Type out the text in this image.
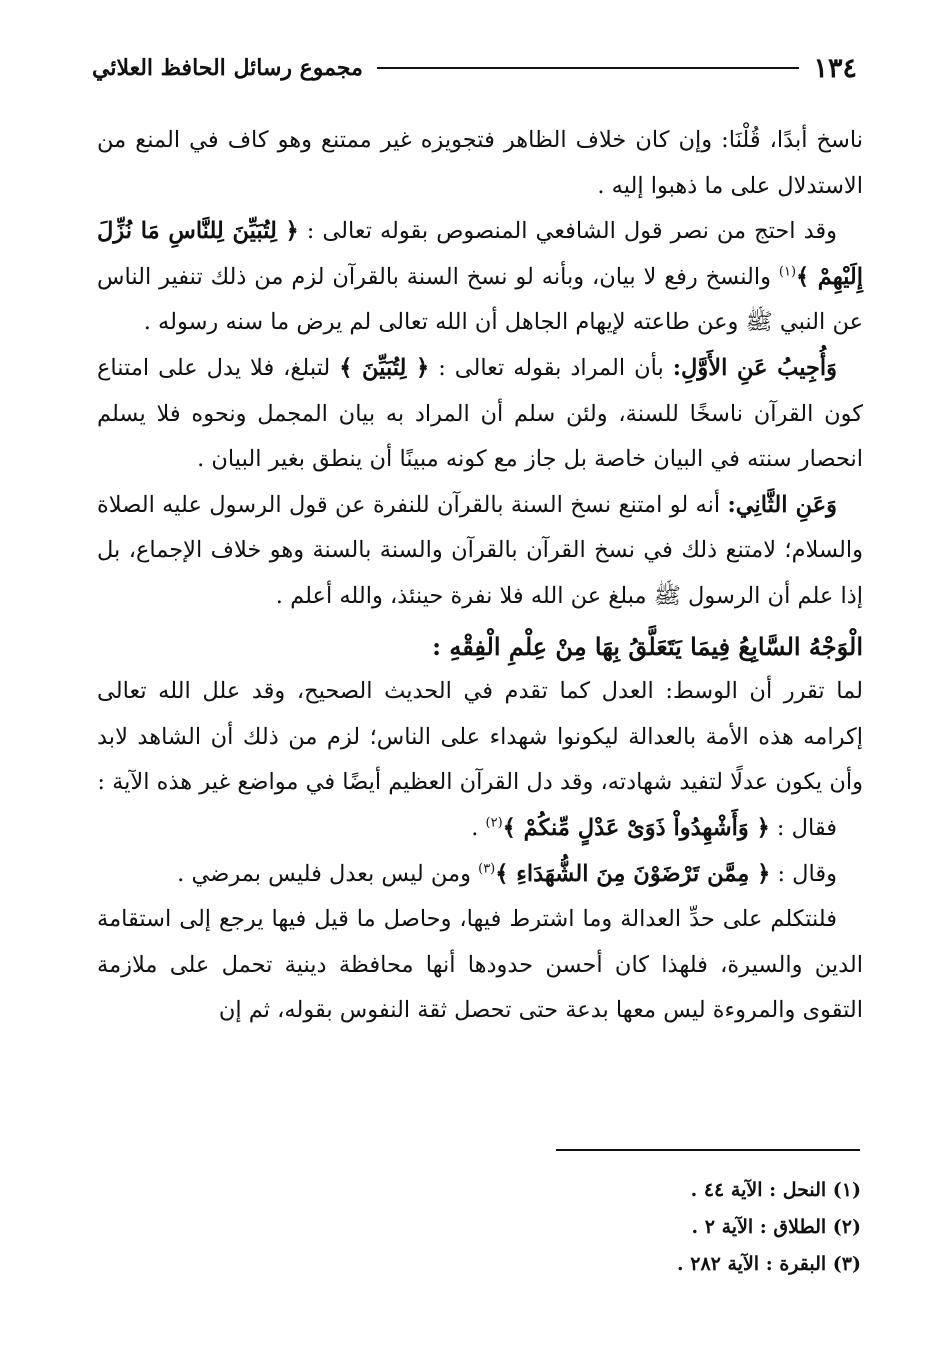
١٣٤
مجموع رسائل الحافظ العلائي

ناسخ أبدًا، قُلْنَا: وإن كان خلاف الظاهر فتجويزه غير ممتنع وهو كاف في المنع من الاستدلال على ما ذهبوا إليه .

وقد احتج من نصر قول الشافعي المنصوص بقوله تعالى : ﴿ لِتُبَيِّنَ لِلنَّاسِ مَا نُزِّلَ إِلَيْهِمْ ﴾$^{(١)}$ والنسخ رفع لا بيان، وبأنه لو نسخ السنة بالقرآن لزم من ذلك تنفير الناس عن النبي ﷺ وعن طاعته لإيهام الجاهل أن الله تعالى لم يرض ما سنه رسوله .

وَأُجِيبُ عَنِ الأَوَّلِ: بأن المراد بقوله تعالى : ﴿ لِتُبَيِّنَ ﴾ لتبلغ، فلا يدل على امتناع كون القرآن ناسخًا للسنة، ولئن سلم أن المراد به بيان المجمل ونحوه فلا يسلم انحصار سنته في البيان خاصة بل جاز مع كونه مبينًا أن ينطق بغير البيان .

وَعَنِ الثَّانِي: أنه لو امتنع نسخ السنة بالقرآن للنفرة عن قول الرسول عليه الصلاة والسلام؛ لامتنع ذلك في نسخ القرآن بالقرآن والسنة بالسنة وهو خلاف الإجماع، بل إذا علم أن الرسول ﷺ مبلغ عن الله فلا نفرة حينئذ، والله أعلم .

الْوَجْهُ السَّابِعُ فِيمَا يَتَعَلَّقُ بِهَا مِنْ عِلْمِ الْفِقْهِ :

لما تقرر أن الوسط: العدل كما تقدم في الحديث الصحيح، وقد علل الله تعالى إكرامه هذه الأمة بالعدالة ليكونوا شهداء على الناس؛ لزم من ذلك أن الشاهد لابد وأن يكون عدلًا لتفيد شهادته، وقد دل القرآن العظيم أيضًا في مواضع غير هذه الآية :

فقال : ﴿ وَأَشْهِدُواْ ذَوَىْ عَدْلٍ مِّنكُمْ ﴾$^{(٢)}$ .

وقال : ﴿ مِمَّن تَرْضَوْنَ مِنَ الشُّهَدَاءِ ﴾$^{(٣)}$ ومن ليس بعدل فليس بمرضي .

فلنتكلم على حدِّ العدالة وما اشترط فيها، وحاصل ما قيل فيها يرجع إلى استقامة الدين والسيرة، فلهذا كان أحسن حدودها أنها محافظة دينية تحمل على ملازمة التقوى والمروءة ليس معها بدعة حتى تحصل ثقة النفوس بقوله، ثم إن

(١) النحل : الآية ٤٤ .
(٢) الطلاق : الآية ٢ .
(٣) البقرة : الآية ٢٨٢ .
